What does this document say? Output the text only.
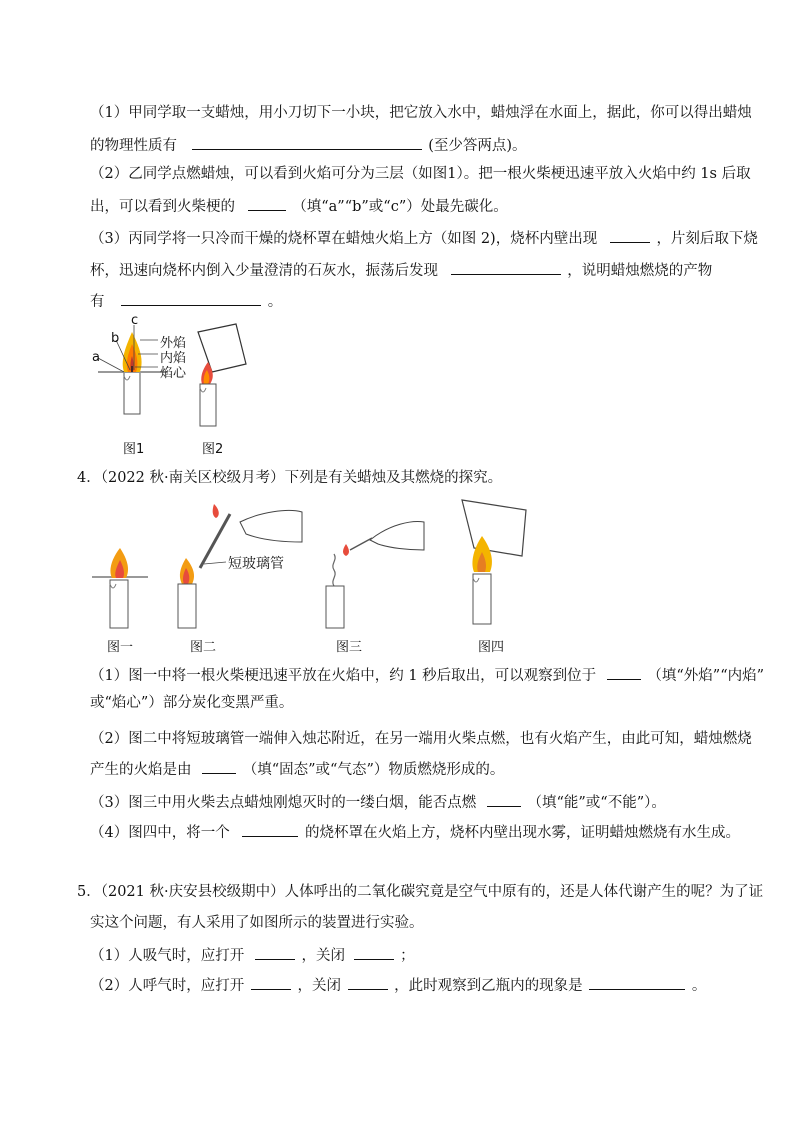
（1）甲同学取一支蜡烛，用小刀切下一小块，把它放入水中，蜡烛浮在水面上，据此，你可以得出蜡烛
的物理性质有	(至少答两点)。
（2）乙同学点燃蜡烛，可以看到火焰可分为三层（如图1）。把一根火柴梗迅速平放入火焰中约 1s 后取
出，可以看到火柴梗的	（填“a”“b”或“c”）处最先碳化。
（3）丙同学将一只冷而干燥的烧杯罩在蜡烛火焰上方（如图 2)，烧杯内壁出现	，片刻后取下烧
杯，迅速向烧杯内倒入少量澄清的石灰水，振荡后发现	，说明蜡烛燃烧的产物
有	。
a
b
c
外焰
内焰
焰心
图1	图2
4．（2022 秋·南关区校级月考）下列是有关蜡烛及其燃烧的探究。
图一
短玻璃管
图二	图三	图四
（1）图一中将一根火柴梗迅速平放在火焰中，约 1 秒后取出，可以观察到位于	（填“外焰”“内焰”
或“焰心”）部分炭化变黑严重。
（2）图二中将短玻璃管一端伸入烛芯附近，在另一端用火柴点燃，也有火焰产生，由此可知，蜡烛燃烧
产生的火焰是由	（填“固态”或“气态”）物质燃烧形成的。
（3）图三中用火柴去点蜡烛刚熄灭时的一缕白烟，能否点燃	（填“能”或“不能”）。
（4）图四中，将一个	的烧杯罩在火焰上方，烧杯内壁出现水雾，证明蜡烛燃烧有水生成。
5．（2021 秋·庆安县校级期中）人体呼出的二氧化碳究竟是空气中原有的，还是人体代谢产生的呢？为了证
实这个问题，有人采用了如图所示的装置进行实验。
（1）人吸气时，应打开	，关闭	；
（2）人呼气时，应打开	，关闭	，此时观察到乙瓶内的现象是	。
